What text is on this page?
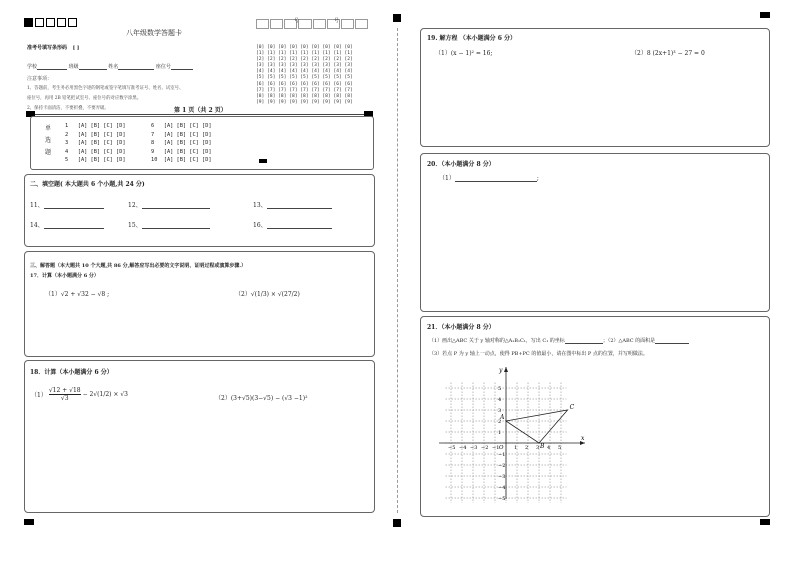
八年级数学答题卡
准考号填写条形码 [ ]
学校	班级	姓名	座位号
注意事项：
1、答题前，考生务必用黑色字迹的钢笔或签字笔填写准考证号、姓名、试室号、
座位号，再用 2B 铅笔把试室号、座位号的对应数字涂黑。
2、保持卡面清洁，不要折叠，不要弄破。
号	号
[0] [0] [0] [0] [0] [0] [0] [0] [0]
[1] [1] [1] [1] [1] [1] [1] [1] [1]
[2] [2] [2] [2] [2] [2] [2] [2] [2]
[3] [3] [3] [3] [3] [3] [3] [3] [3]
[4] [4] [4] [4] [4] [4] [4] [4] [4]
[5] [5] [5] [5] [5] [5] [5] [5] [5]
[6] [6] [6] [6] [6] [6] [6] [6] [6]
[7] [7] [7] [7] [7] [7] [7] [7] [7]
[8] [8] [8] [8] [8] [8] [8] [8] [8]
[9] [9] [9] [9] [9] [9] [9] [9] [9]
第 1 页（共 2 页）
单
选
题
1   [A] [B] [C] [D]
2   [A] [B] [C] [D]
3   [A] [B] [C] [D]
4   [A] [B] [C] [D]
5   [A] [B] [C] [D]
6   [A] [B] [C] [D]
7   [A] [B] [C] [D]
8   [A] [B] [C] [D]
9   [A] [B] [C] [D]
10  [A] [B] [C] [D]
二、填空题( 本大题共 6 个小题,共 24 分)
11、	12、	13、
14、	15、	16、
三、解答题（本大题共 10 个大题,共 86 分,解答应写出必要的文字说明、证明过程或演算步骤.）
17．计算（本小题满分 6 分）
（1）√2 + √32 − √8 ;	（2）√(1/3) × √(27/2)
18．计算（本小题满分 6 分）
$(1) \frac{√12 + √18}{√3} - 2√(1/2) \times √3$
（2）(3+√5)(3−√5) − (√3 −1)²
19. 解方程 （本小题满分 6 分）
（1）(x − 1)² = 16;	（2）8 (2x+1)³ − 27 = 0
20．（本小题满分 8 分）
（1）	;
21．（本小题满分 8 分）
（1）画出△ABC 关于 y 轴对称的△A₁B₁C₁，写出 C₁ 的坐标	；（2）△ABC 的面积是
（3）若点 P 为 y 轴上一动点，使得 PB+PC 的值最小，请在图中标出 P 点的位置，并写明做法。
x
y
O
−5 −4 −3 −2 −1	1 2 3 4 5
5
4
3
2
1
−1
−2
−3
−4
−5
A
B
C
